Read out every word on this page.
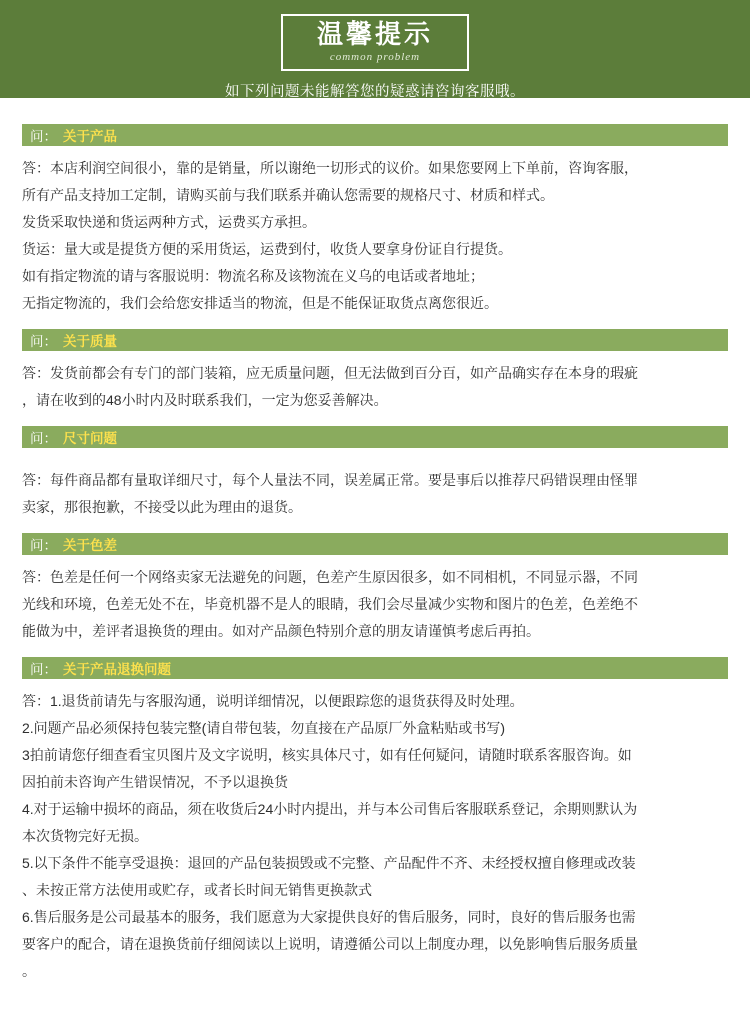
温馨提示
common problem
如下列问题未能解答您的疑惑请咨询客服哦。
问： 关于产品

答：本店利润空间很小，靠的是销量，所以谢绝一切形式的议价。如果您要网上下单前，咨询客服，

所有产品支持加工定制，请购买前与我们联系并确认您需要的规格尺寸、材质和样式。

发货采取快递和货运两种方式，运费买方承担。

货运：量大或是提货方便的采用货运，运费到付，收货人要拿身份证自行提货。

如有指定物流的请与客服说明：物流名称及该物流在义乌的电话或者地址；

无指定物流的，我们会给您安排适当的物流，但是不能保证取货点离您很近。

问： 关于质量

答：发货前都会有专门的部门装箱，应无质量问题，但无法做到百分百，如产品确实存在本身的瑕疵

，请在收到的48小时内及时联系我们，一定为您妥善解决。

问： 尺寸问题

答：每件商品都有量取详细尺寸，每个人量法不同，误差属正常。要是事后以推荐尺码错误理由怪罪

卖家，那很抱歉，不接受以此为理由的退货。

问： 关于色差

答：色差是任何一个网络卖家无法避免的问题，色差产生原因很多，如不同相机，不同显示器，不同

光线和环境，色差无处不在，毕竟机器不是人的眼睛，我们会尽量减少实物和图片的色差，色差绝不

能做为中，差评者退换货的理由。如对产品颜色特别介意的朋友请谨慎考虑后再拍。

问： 关于产品退换问题

答：1.退货前请先与客服沟通，说明详细情况，以便跟踪您的退货获得及时处理。

2.问题产品必须保持包装完整(请自带包装，勿直接在产品原厂外盒粘贴或书写)

3拍前请您仔细查看宝贝图片及文字说明，核实具体尺寸，如有任何疑问，请随时联系客服咨询。如

因拍前未咨询产生错误情况，不予以退换货

4.对于运输中损坏的商品，须在收货后24小时内提出，并与本公司售后客服联系登记，余期则默认为

本次货物完好无损。

5.以下条件不能享受退换：退回的产品包装损毁或不完整、产品配件不齐、未经授权擅自修理或改装

、未按正常方法使用或贮存，或者长时间无销售更换款式

6.售后服务是公司最基本的服务，我们愿意为大家提供良好的售后服务，同时，良好的售后服务也需

要客户的配合，请在退换货前仔细阅读以上说明，请遵循公司以上制度办理，以免影响售后服务质量

。
